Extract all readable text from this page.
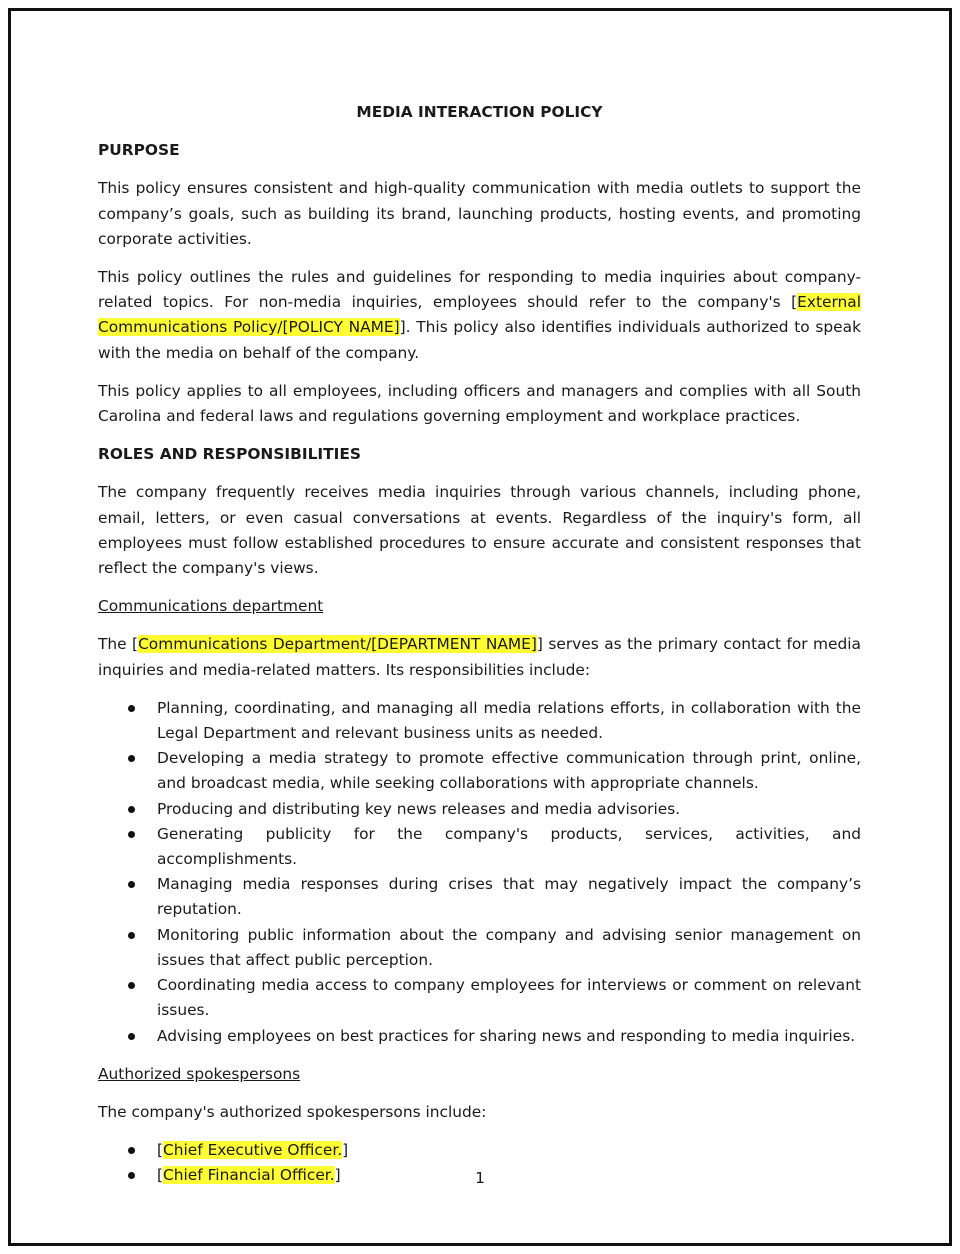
MEDIA INTERACTION POLICY
PURPOSE

This policy ensures consistent and high-quality communication with media outlets to support the company’s goals, such as building its brand, launching products, hosting events, and promoting corporate activities.

This policy outlines the rules and guidelines for responding to media inquiries about company-related topics. For non-media inquiries, employees should refer to the company's [External Communications Policy/[POLICY NAME]]. This policy also identifies individuals authorized to speak with the media on behalf of the company.

This policy applies to all employees, including officers and managers and complies with all South Carolina and federal laws and regulations governing employment and workplace practices.

ROLES AND RESPONSIBILITIES

The company frequently receives media inquiries through various channels, including phone, email, letters, or even casual conversations at events. Regardless of the inquiry's form, all employees must follow established procedures to ensure accurate and consistent responses that reflect the company's views.

Communications department

The [Communications Department/[DEPARTMENT NAME]] serves as the primary contact for media inquiries and media-related matters. Its responsibilities include:

Planning, coordinating, and managing all media relations efforts, in collaboration with the Legal Department and relevant business units as needed.
Developing a media strategy to promote effective communication through print, online, and broadcast media, while seeking collaborations with appropriate channels.
Producing and distributing key news releases and media advisories.
Generating publicity for the company's products, services, activities, and accomplishments.
Managing media responses during crises that may negatively impact the company’s reputation.
Monitoring public information about the company and advising senior management on issues that affect public perception.
Coordinating media access to company employees for interviews or comment on relevant issues.
Advising employees on best practices for sharing news and responding to media inquiries.
Authorized spokespersons

The company's authorized spokespersons include:

[Chief Executive Officer.]
[Chief Financial Officer.]	1
